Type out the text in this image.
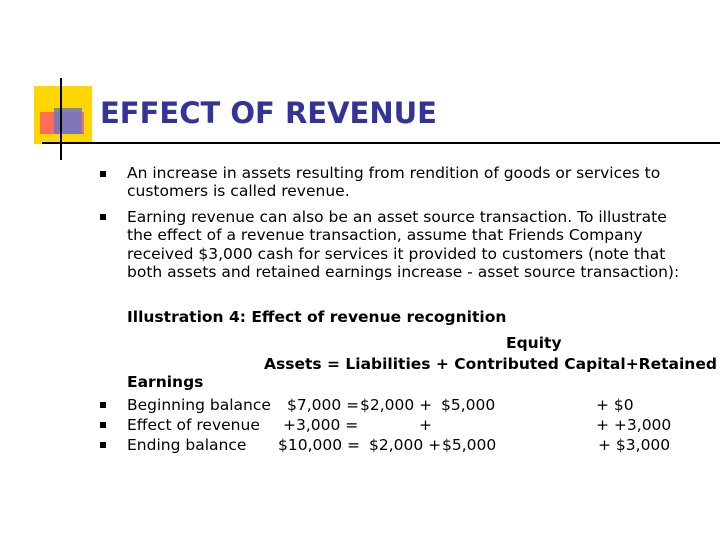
EFFECT OF REVENUE
An increase in assets resulting from rendition of goods or services to customers is called revenue.
Earning revenue can also be an asset source transaction. To illustrate the effect of a revenue transaction, assume that Friends Company received $3,000 cash for services it provided to customers (note that both assets and retained earnings increase - asset source transaction):
Illustration 4: Effect of revenue recognition
Equity
Assets = Liabilities + Contributed Capital+Retained
Earnings
Beginning balance $7,000 = $2,000 + $5,000	+ $0
Effect of revenue +3,000 =	+	+ +3,000
Ending balance $10,000 = $2,000 + $5,000	+ $3,000
